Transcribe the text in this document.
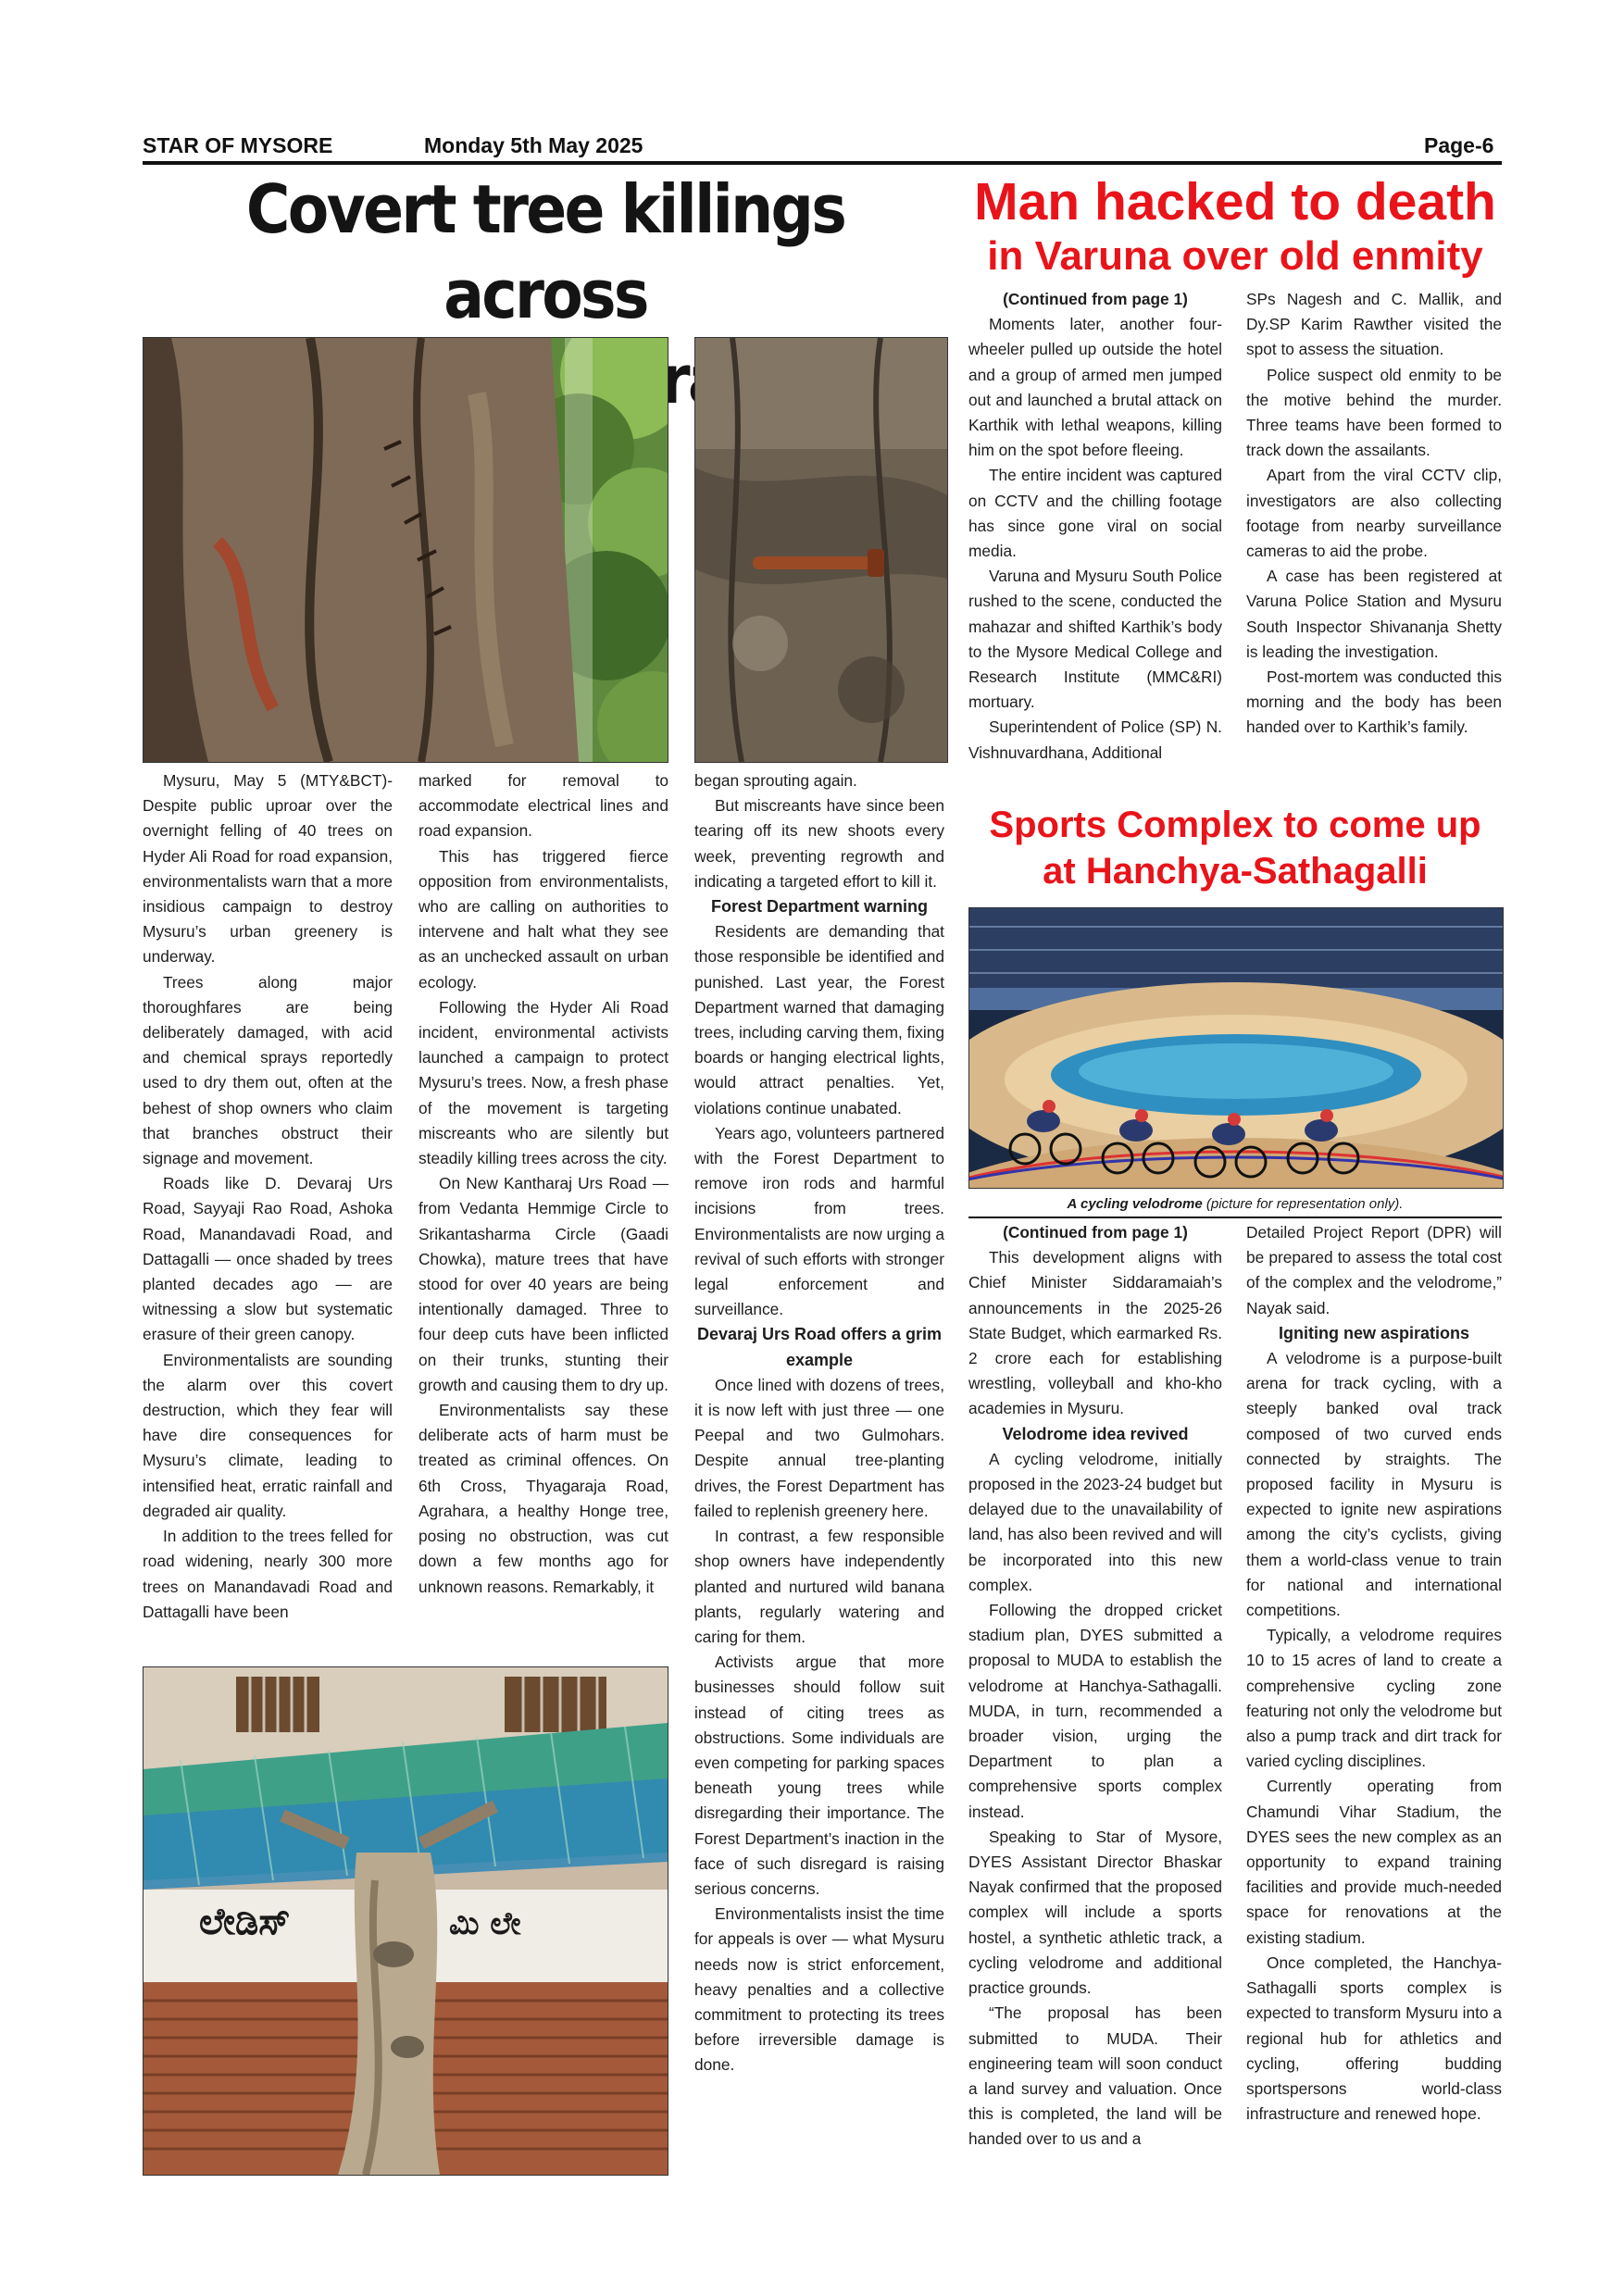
STAR OF MYSORE	Monday 5th May 2025	Page-6
Covert tree killings across

Mysuru, May 5 (MTY&BCT)- Despite public uproar over the overnight felling of 40 trees on Hyder Ali Road for road expansion, environmentalists warn that a more insidious campaign to destroy Mysuru’s urban greenery is underway.

Trees along major thoroughfares are being deliberately damaged, with acid and chemical sprays reportedly used to dry them out, often at the behest of shop owners who claim that branches obstruct their signage and movement.

Roads like D. Devaraj Urs Road, Sayyaji Rao Road, Ashoka Road, Manandavadi Road, and Dattagalli — once shaded by trees planted decades ago — are witnessing a slow but systematic erasure of their green canopy.

Environmentalists are sounding the alarm over this covert destruction, which they fear will have dire consequences for Mysuru’s climate, leading to intensified heat, erratic rainfall and degraded air quality.

In addition to the trees felled for road widening, nearly 300 more trees on Manandavadi Road and Dattagalli have been

marked for removal to accommodate electrical lines and road expansion.

This has triggered fierce opposition from environmentalists, who are calling on authorities to intervene and halt what they see as an unchecked assault on urban ecology.

Following the Hyder Ali Road incident, environmental activists launched a campaign to protect Mysuru’s trees. Now, a fresh phase of the movement is targeting miscreants who are silently but steadily killing trees across the city.

On New Kantharaj Urs Road — from Vedanta Hemmige Circle to Srikantasharma Circle (Gaadi Chowka), mature trees that have stood for over 40 years are being intentionally damaged. Three to four deep cuts have been inflicted on their trunks, stunting their growth and causing them to dry up.

Environmentalists say these deliberate acts of harm must be treated as criminal offences. On 6th Cross, Thyagaraja Road, Agrahara, a healthy Honge tree, posing no obstruction, was cut down a few months ago for unknown reasons. Remarkably, it

began sprouting again.

But miscreants have since been tearing off its new shoots every week, preventing regrowth and indicating a targeted effort to kill it.

Forest Department warning

Residents are demanding that those responsible be identified and punished. Last year, the Forest Department warned that damaging trees, including carving them, fixing boards or hanging electrical lights, would attract penalties. Yet, violations continue unabated.

Years ago, volunteers partnered with the Forest Department to remove iron rods and harmful incisions from trees. Environmentalists are now urging a revival of such efforts with stronger legal enforcement and surveillance.

Devaraj Urs Road offers a grim example

Once lined with dozens of trees, it is now left with just three — one Peepal and two Gulmohars. Despite annual tree-planting drives, the Forest Department has failed to replenish greenery here.

In contrast, a few responsible shop owners have independently planted and nurtured wild banana plants, regularly watering and caring for them.

Activists argue that more businesses should follow suit instead of citing trees as obstructions. Some individuals are even competing for parking spaces beneath young trees while disregarding their importance. The Forest Department’s inaction in the face of such disregard is raising serious concerns.

Environmentalists insist the time for appeals is over — what Mysuru needs now is strict enforcement, heavy penalties and a collective commitment to protecting its trees before irreversible damage is done.

ಮಿ ಲೇ
ಲೇಡಿಸ್
Man hacked to death
in Varuna over old enmity

(Continued from page 1)

Moments later, another four-wheeler pulled up outside the hotel and a group of armed men jumped out and launched a brutal attack on Karthik with lethal weapons, killing him on the spot before fleeing.

The entire incident was captured on CCTV and the chilling footage has since gone viral on social media.

Varuna and Mysuru South Police rushed to the scene, conducted the mahazar and shifted Karthik’s body to the Mysore Medical College and Research Institute (MMC&RI) mortuary.

Superintendent of Police (SP) N. Vishnuvardhana, Additional

SPs Nagesh and C. Mallik, and Dy.SP Karim Rawther visited the spot to assess the situation.

Police suspect old enmity to be the motive behind the murder. Three teams have been formed to track down the assailants.

Apart from the viral CCTV clip, investigators are also collecting footage from nearby surveillance cameras to aid the probe.

A case has been registered at Varuna Police Station and Mysuru South Inspector Shivananja Shetty is leading the investigation.

Post-mortem was conducted this morning and the body has been handed over to Karthik’s family.

Sports Complex to come up
at Hanchya-Sathagalli
A cycling velodrome (picture for representation only).

(Continued from page 1)

This development aligns with Chief Minister Siddaramaiah’s announcements in the 2025-26 State Budget, which earmarked Rs. 2 crore each for establishing wrestling, volleyball and kho-kho academies in Mysuru.

Velodrome idea revived

A cycling velodrome, initially proposed in the 2023-24 budget but delayed due to the unavailability of land, has also been revived and will be incorporated into this new complex.

Following the dropped cricket stadium plan, DYES submitted a proposal to MUDA to establish the velodrome at Hanchya-Sathagalli. MUDA, in turn, recommended a broader vision, urging the Department to plan a comprehensive sports complex instead.

Speaking to Star of Mysore, DYES Assistant Director Bhaskar Nayak confirmed that the proposed complex will include a sports hostel, a synthetic athletic track, a cycling velodrome and additional practice grounds.

“The proposal has been submitted to MUDA. Their engineering team will soon conduct a land survey and valuation. Once this is completed, the land will be handed over to us and a

Detailed Project Report (DPR) will be prepared to assess the total cost of the complex and the velodrome,” Nayak said.

Igniting new aspirations

A velodrome is a purpose-built arena for track cycling, with a steeply banked oval track composed of two curved ends connected by straights. The proposed facility in Mysuru is expected to ignite new aspirations among the city’s cyclists, giving them a world-class venue to train for national and international competitions.

Typically, a velodrome requires 10 to 15 acres of land to create a comprehensive cycling zone featuring not only the velodrome but also a pump track and dirt track for varied cycling disciplines.

Currently operating from Chamundi Vihar Stadium, the DYES sees the new complex as an opportunity to expand training facilities and provide much-needed space for renovations at the existing stadium.

Once completed, the Hanchya-Sathagalli sports complex is expected to transform Mysuru into a regional hub for athletics and cycling, offering budding sportspersons world-class infrastructure and renewed hope.
